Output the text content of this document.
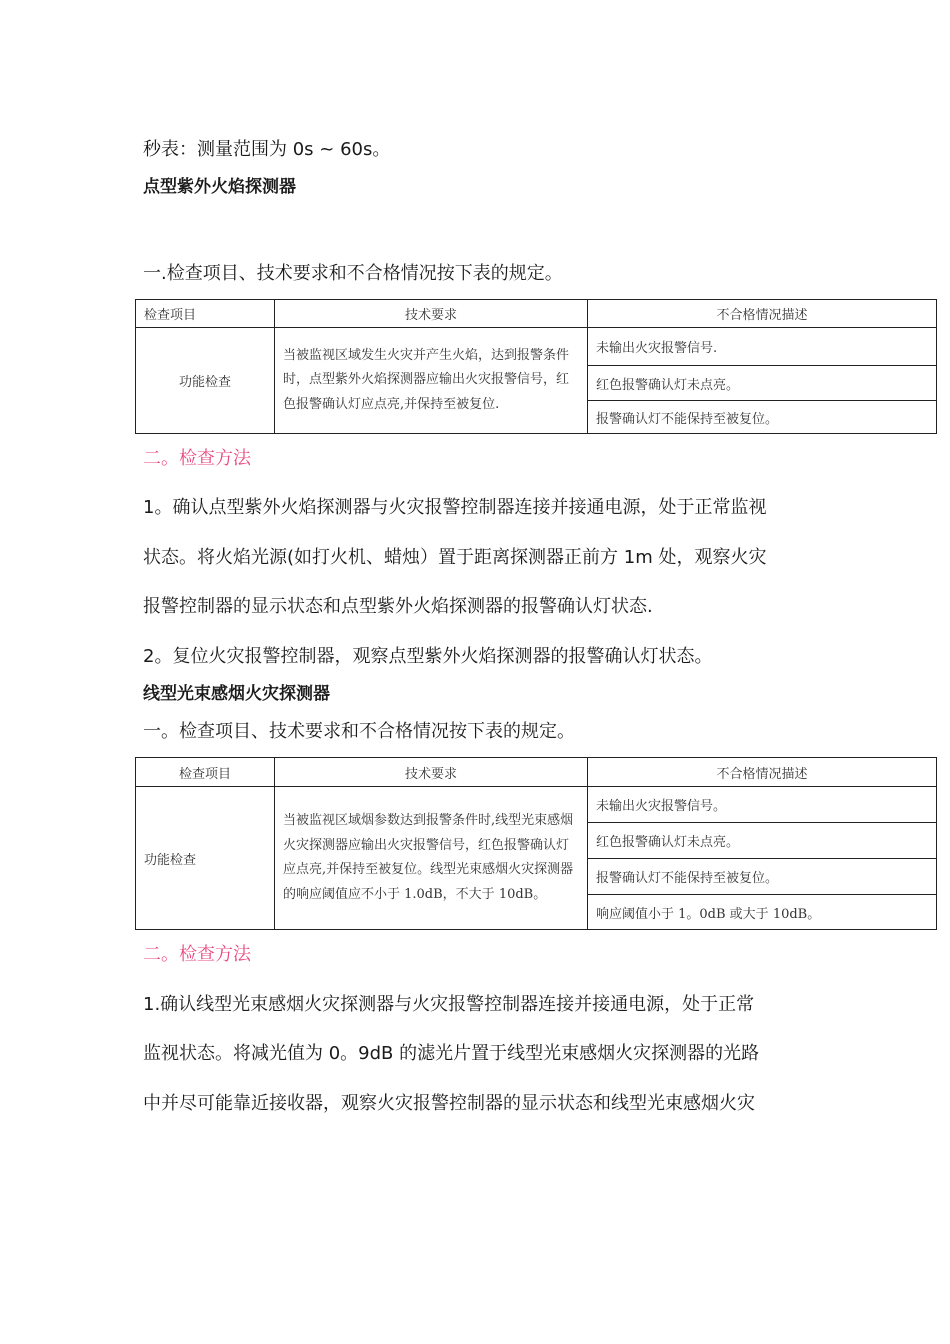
秒表：测量范围为 0s ~ 60s。
点型紫外火焰探测器
一.检查项目、技术要求和不合格情况按下表的规定。
检查项目	技术要求	不合格情况描述
功能检查	当被监视区域发生火灾并产生火焰，达到报警条件时，点型紫外火焰探测器应输出火灾报警信号，红色报警确认灯应点亮,并保持至被复位.	未输出火灾报警信号.
		红色报警确认灯未点亮。
		报警确认灯不能保持至被复位。
二。检查方法
1。确认点型紫外火焰探测器与火灾报警控制器连接并接通电源，处于正常监视
状态。将火焰光源(如打火机、蜡烛）置于距离探测器正前方 1m 处，观察火灾
报警控制器的显示状态和点型紫外火焰探测器的报警确认灯状态.
2。复位火灾报警控制器，观察点型紫外火焰探测器的报警确认灯状态。
线型光束感烟火灾探测器
一。检查项目、技术要求和不合格情况按下表的规定。
检查项目	技术要求	不合格情况描述
功能检查	当被监视区域烟参数达到报警条件时,线型光束感烟火灾探测器应输出火灾报警信号，红色报警确认灯应点亮,并保持至被复位。线型光束感烟火灾探测器的响应阈值应不小于 1.0dB，不大于 10dB。	未输出火灾报警信号。
		红色报警确认灯未点亮。
		报警确认灯不能保持至被复位。
		响应阈值小于 1。0dB 或大于 10dB。
二。检查方法
1.确认线型光束感烟火灾探测器与火灾报警控制器连接并接通电源，处于正常
监视状态。将减光值为 0。9dB 的滤光片置于线型光束感烟火灾探测器的光路
中并尽可能靠近接收器，观察火灾报警控制器的显示状态和线型光束感烟火灾
